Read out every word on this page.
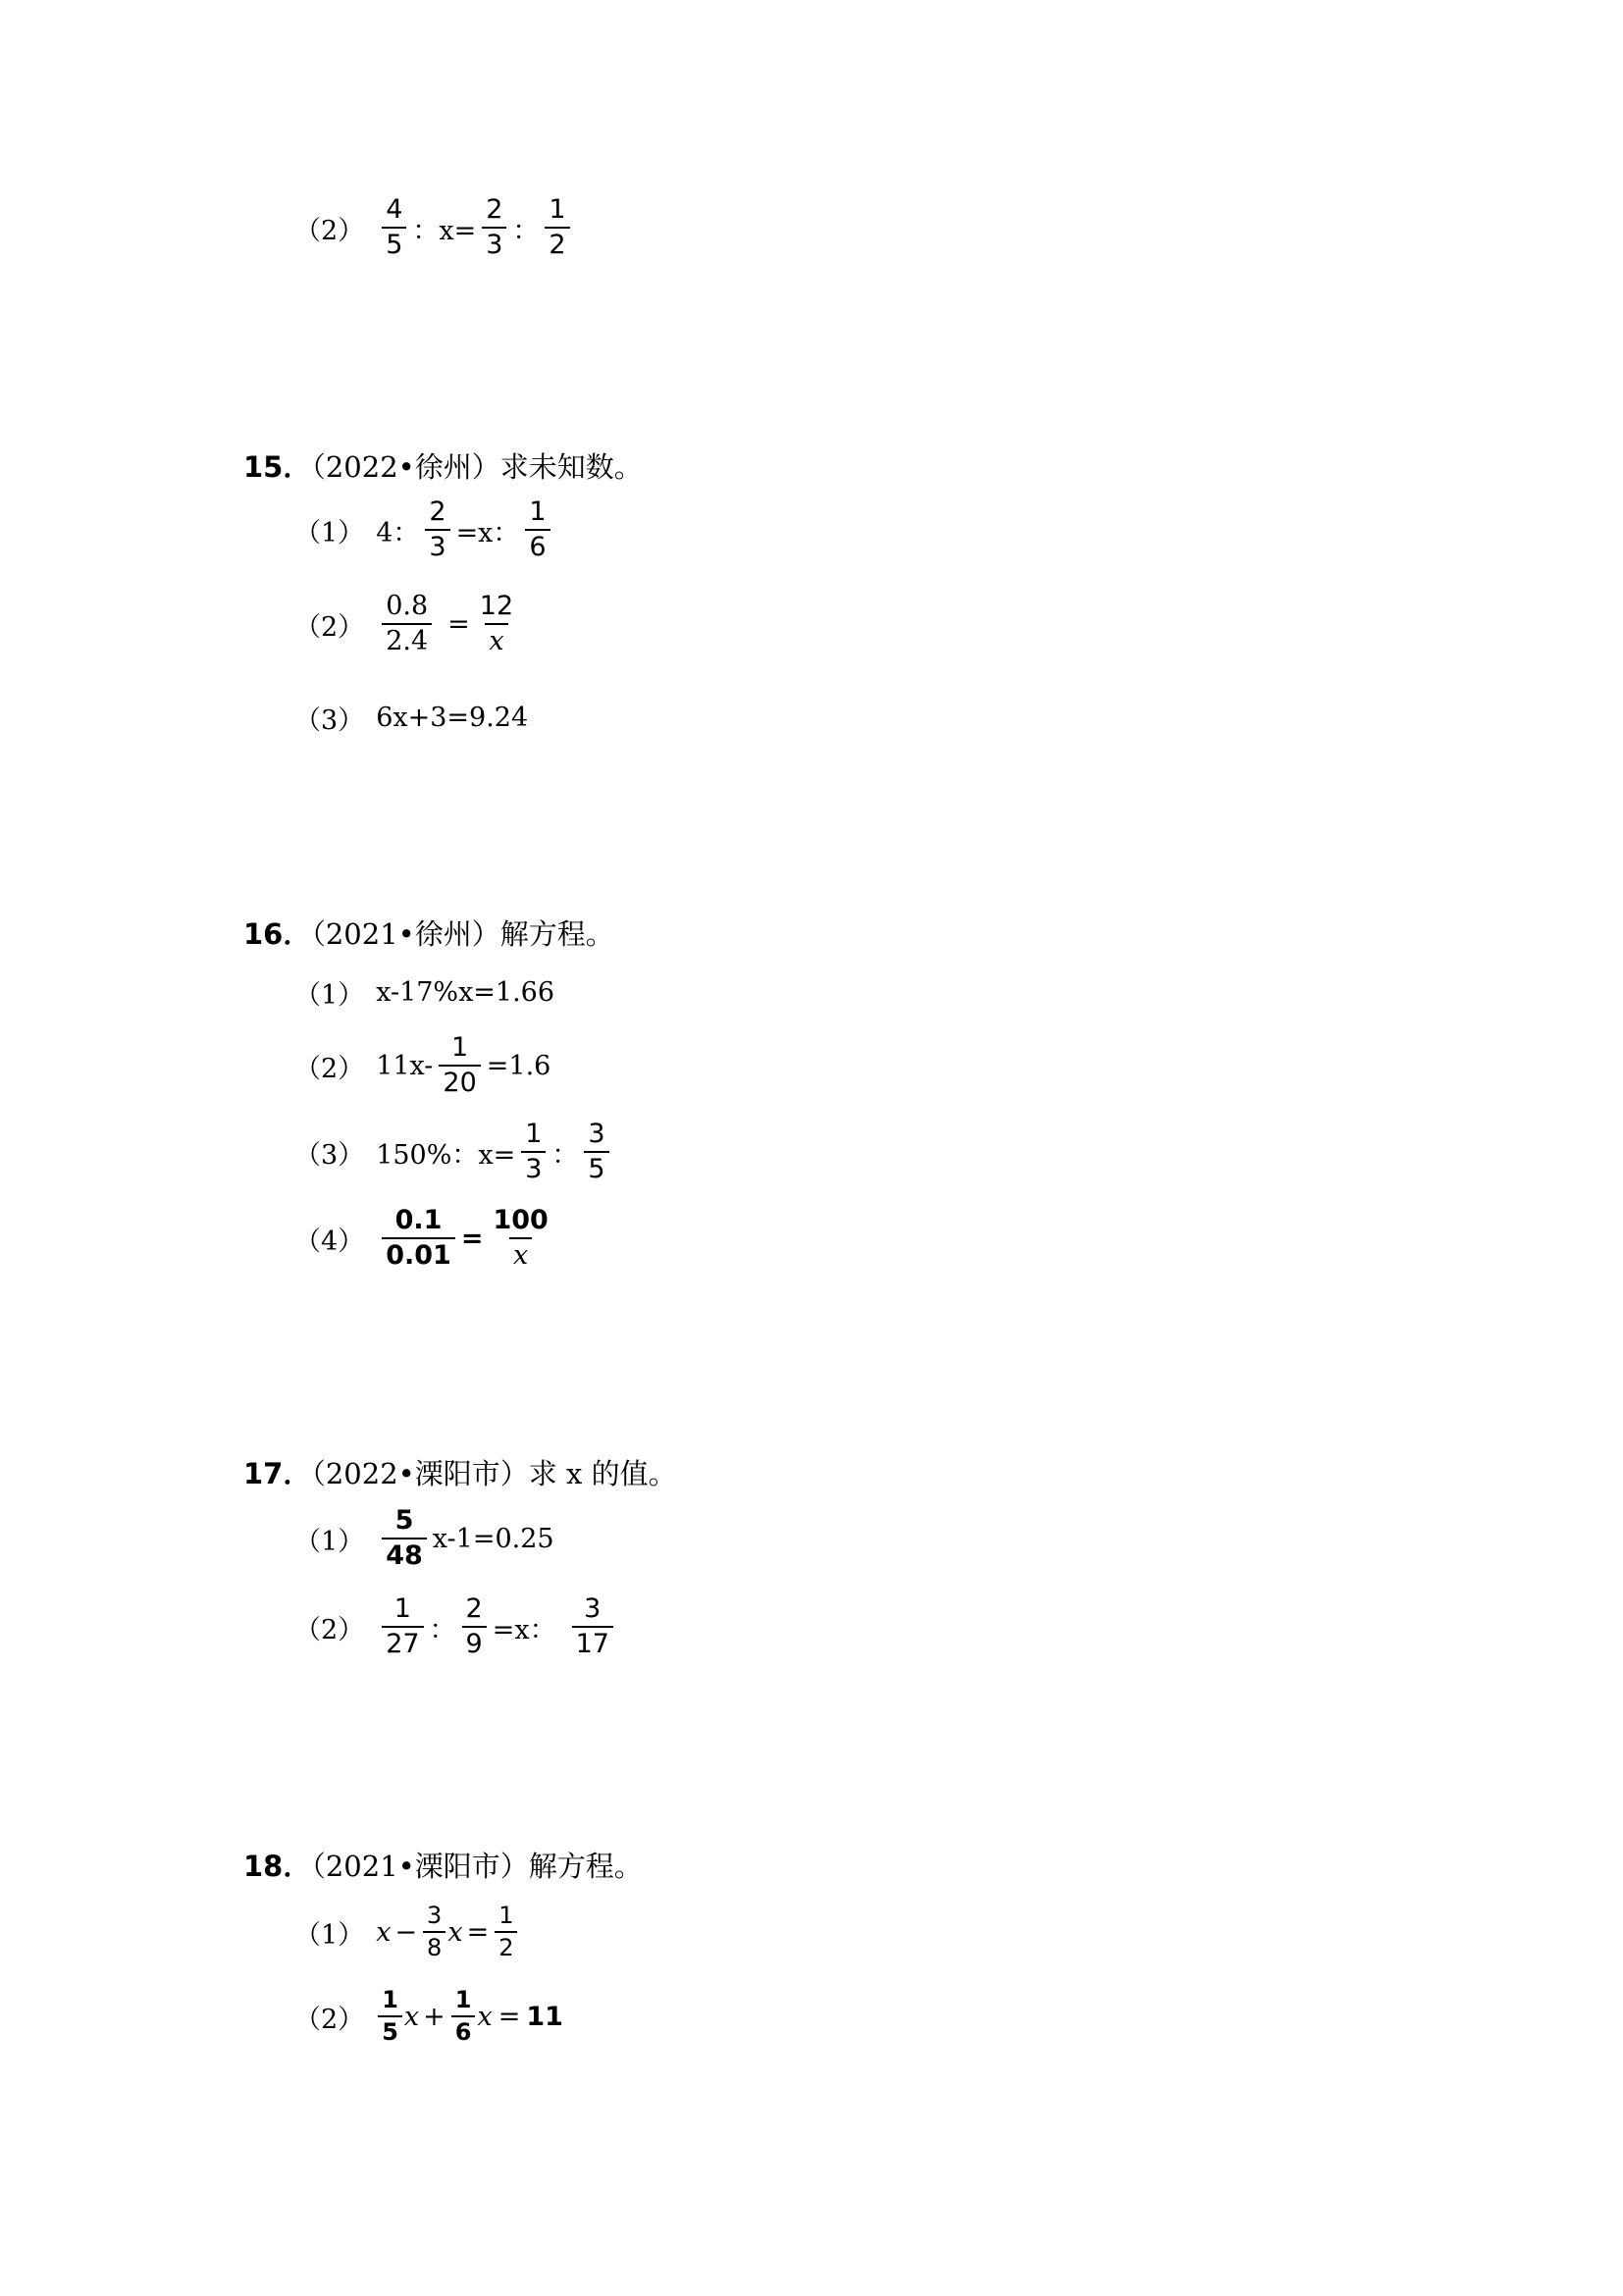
$(2) \frac{4}{5}$ ：$x= \frac{2}{3}$ ： $\frac{1}{2}$
15．（2022•徐州）求未知数。
（1） 4： $\frac{2}{3} =x$： $\frac{1}{6}$
$(2) \frac{0.8}{2.4} = \frac{12}{x}$
（3） 6x+3=9.24
16．（2021•徐州）解方程。
（1） x-17%x=1.66
（2） $11x- \frac{1}{20} =1.6$
（3） 150%：$x= \frac{1}{3}$ ： $\frac{3}{5}$
$(4) \frac{0.1}{0.01} = \frac{100}{x}$
17．（2022•溧阳市）求 x 的值。
$(1) \frac{5}{48} x-1=0.25$
$(2) \frac{1}{27}$ ： $\frac{2}{9} =x$： $\frac{3}{17}$
18．（2021•溧阳市）解方程。
（1） $x - \frac{3}{8}$ $x = \frac{1}{2}$
$(2) \frac{1}{5}$ $x + \frac{1}{6}$ x = 11
